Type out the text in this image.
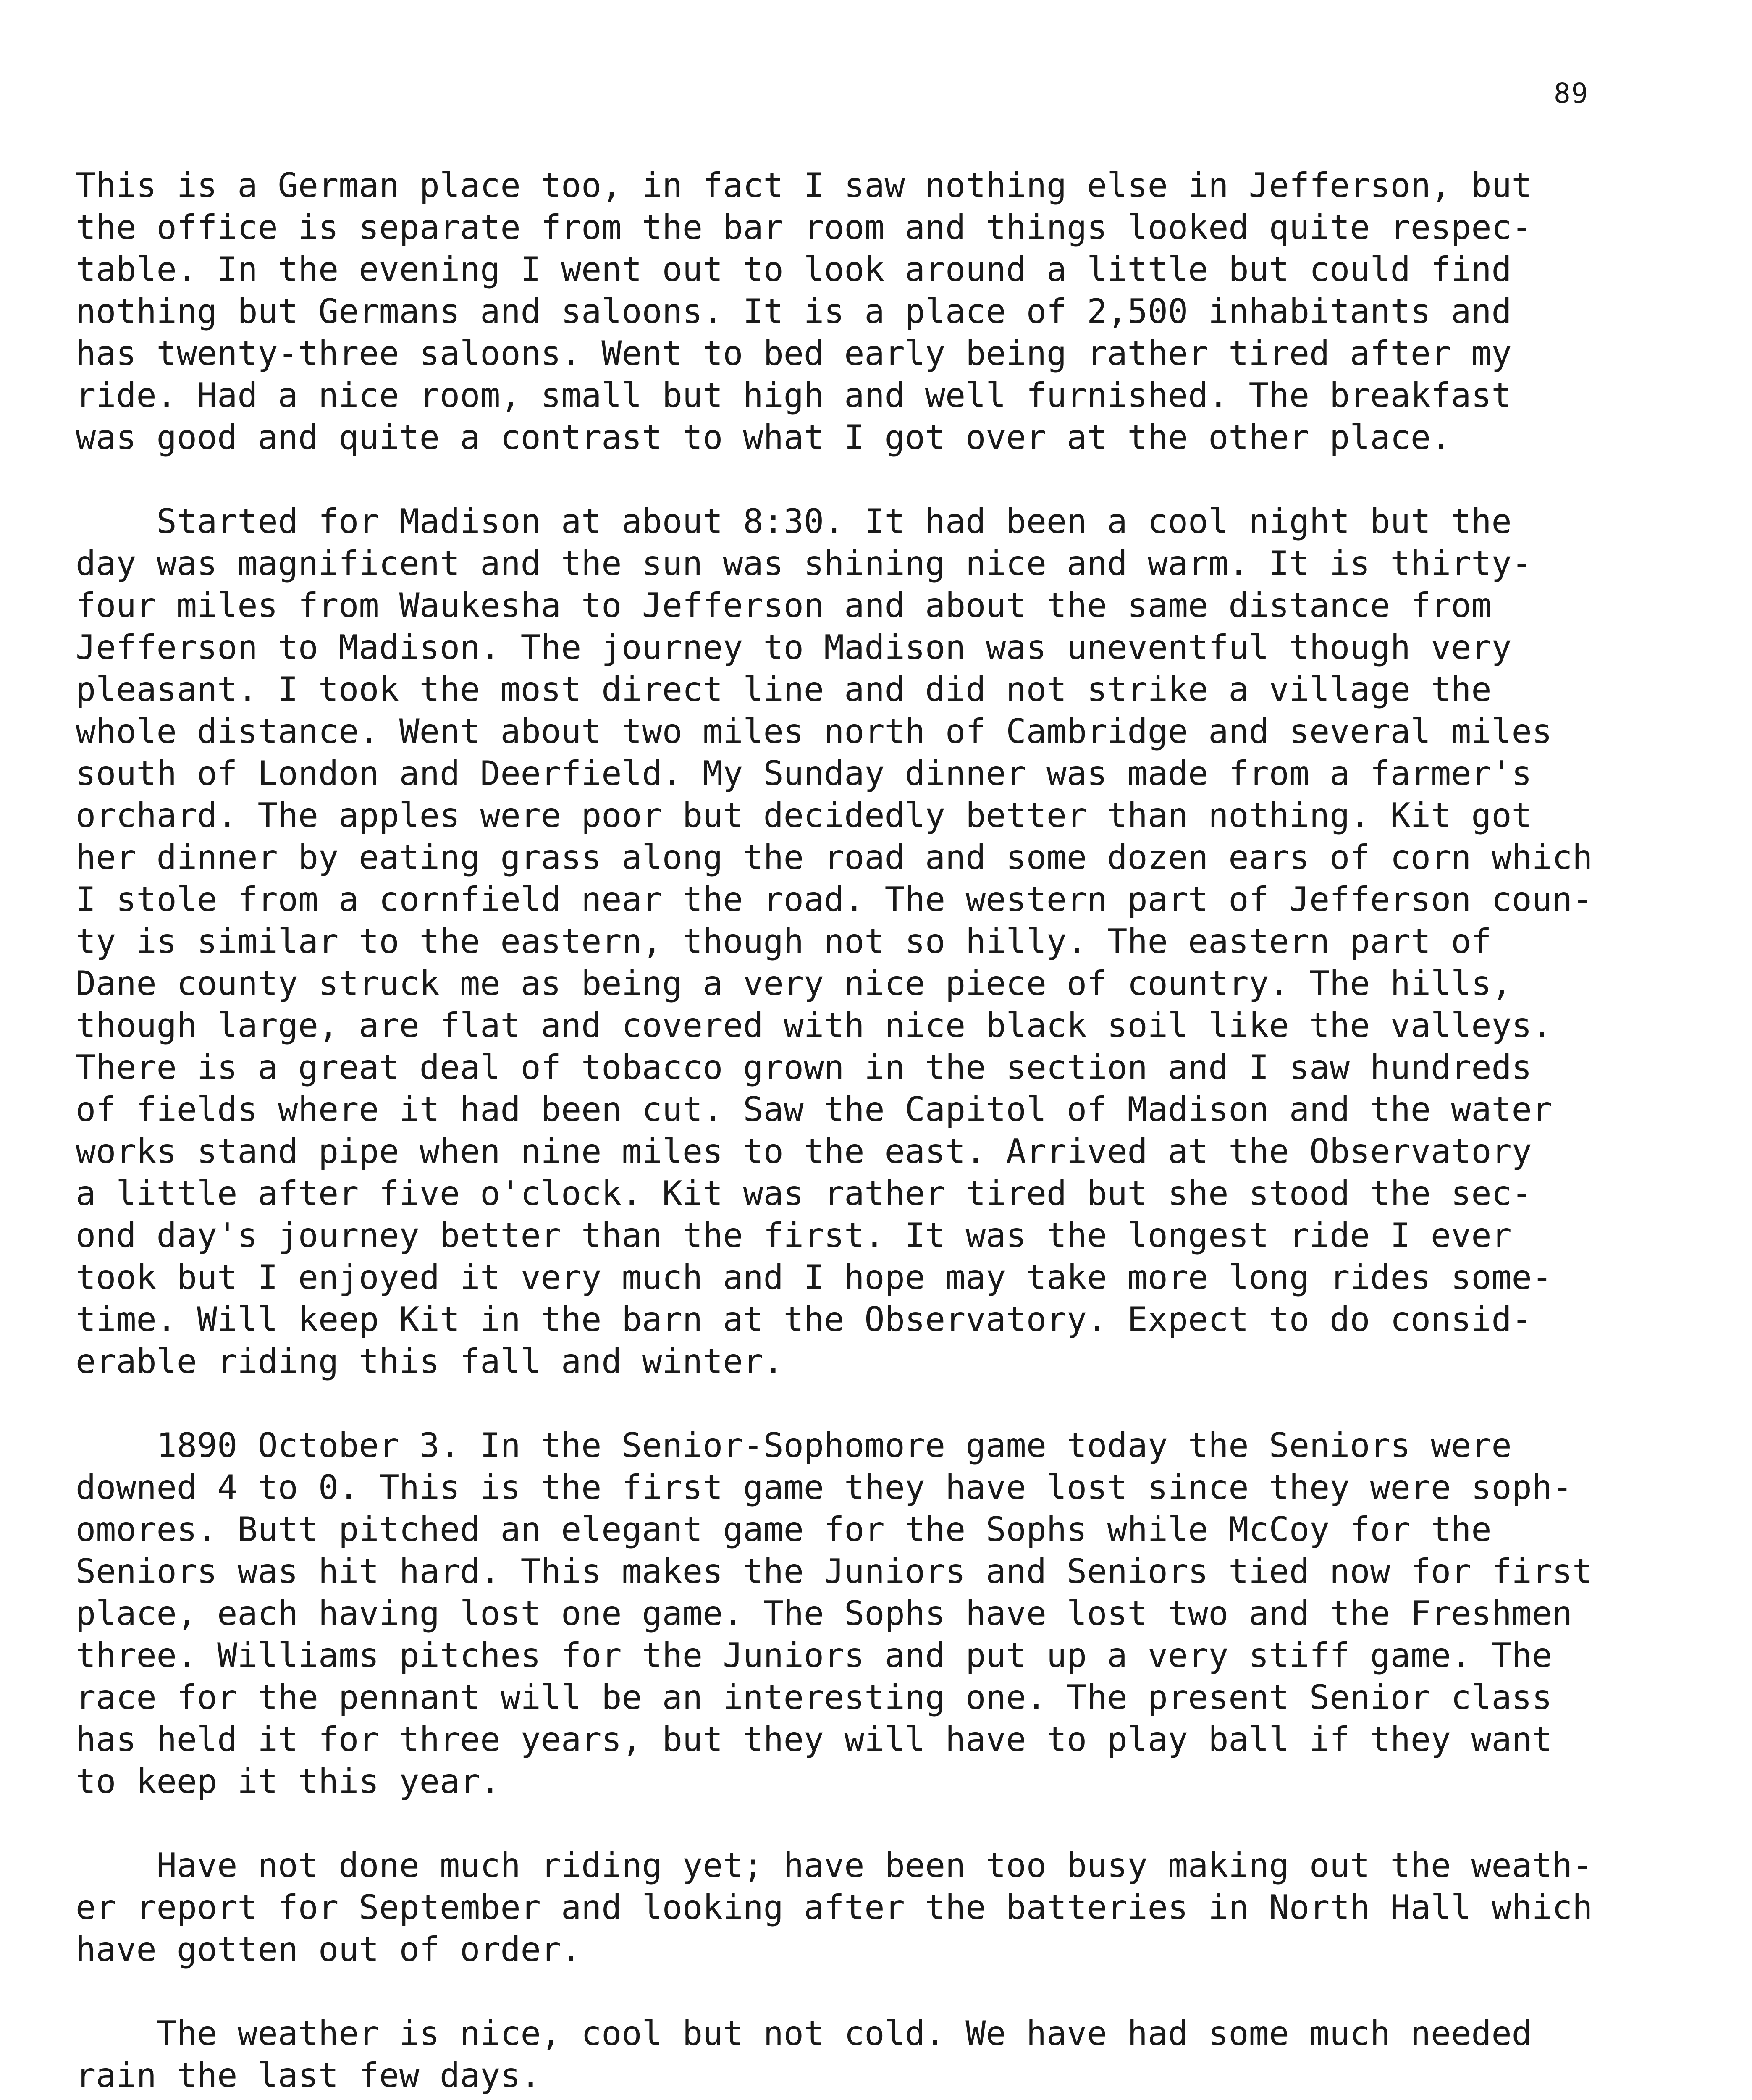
89
This is a German place too, in fact I saw nothing else in Jefferson, but
the office is separate from the bar room and things looked quite respec-
table. In the evening I went out to look around a little but could find
nothing but Germans and saloons. It is a place of 2,500 inhabitants and
has twenty-three saloons. Went to bed early being rather tired after my
ride. Had a nice room, small but high and well furnished. The breakfast
was good and quite a contrast to what I got over at the other place.
Started for Madison at about 8:30. It had been a cool night but the
day was magnificent and the sun was shining nice and warm. It is thirty-
four miles from Waukesha to Jefferson and about the same distance from
Jefferson to Madison. The journey to Madison was uneventful though very
pleasant. I took the most direct line and did not strike a village the
whole distance. Went about two miles north of Cambridge and several miles
south of London and Deerfield. My Sunday dinner was made from a farmer's
orchard. The apples were poor but decidedly better than nothing. Kit got
her dinner by eating grass along the road and some dozen ears of corn which
I stole from a cornfield near the road. The western part of Jefferson coun-
ty is similar to the eastern, though not so hilly. The eastern part of
Dane county struck me as being a very nice piece of country. The hills,
though large, are flat and covered with nice black soil like the valleys.
There is a great deal of tobacco grown in the section and I saw hundreds
of fields where it had been cut. Saw the Capitol of Madison and the water
works stand pipe when nine miles to the east. Arrived at the Observatory
a little after five o'clock. Kit was rather tired but she stood the sec-
ond day's journey better than the first. It was the longest ride I ever
took but I enjoyed it very much and I hope may take more long rides some-
time. Will keep Kit in the barn at the Observatory. Expect to do consid-
erable riding this fall and winter.
1890 October 3. In the Senior-Sophomore game today the Seniors were
downed 4 to 0. This is the first game they have lost since they were soph-
omores. Butt pitched an elegant game for the Sophs while McCoy for the
Seniors was hit hard. This makes the Juniors and Seniors tied now for first
place, each having lost one game. The Sophs have lost two and the Freshmen
three. Williams pitches for the Juniors and put up a very stiff game. The
race for the pennant will be an interesting one. The present Senior class
has held it for three years, but they will have to play ball if they want
to keep it this year.
Have not done much riding yet; have been too busy making out the weath-
er report for September and looking after the batteries in North Hall which
have gotten out of order.
The weather is nice, cool but not cold. We have had some much needed
rain the last few days.
